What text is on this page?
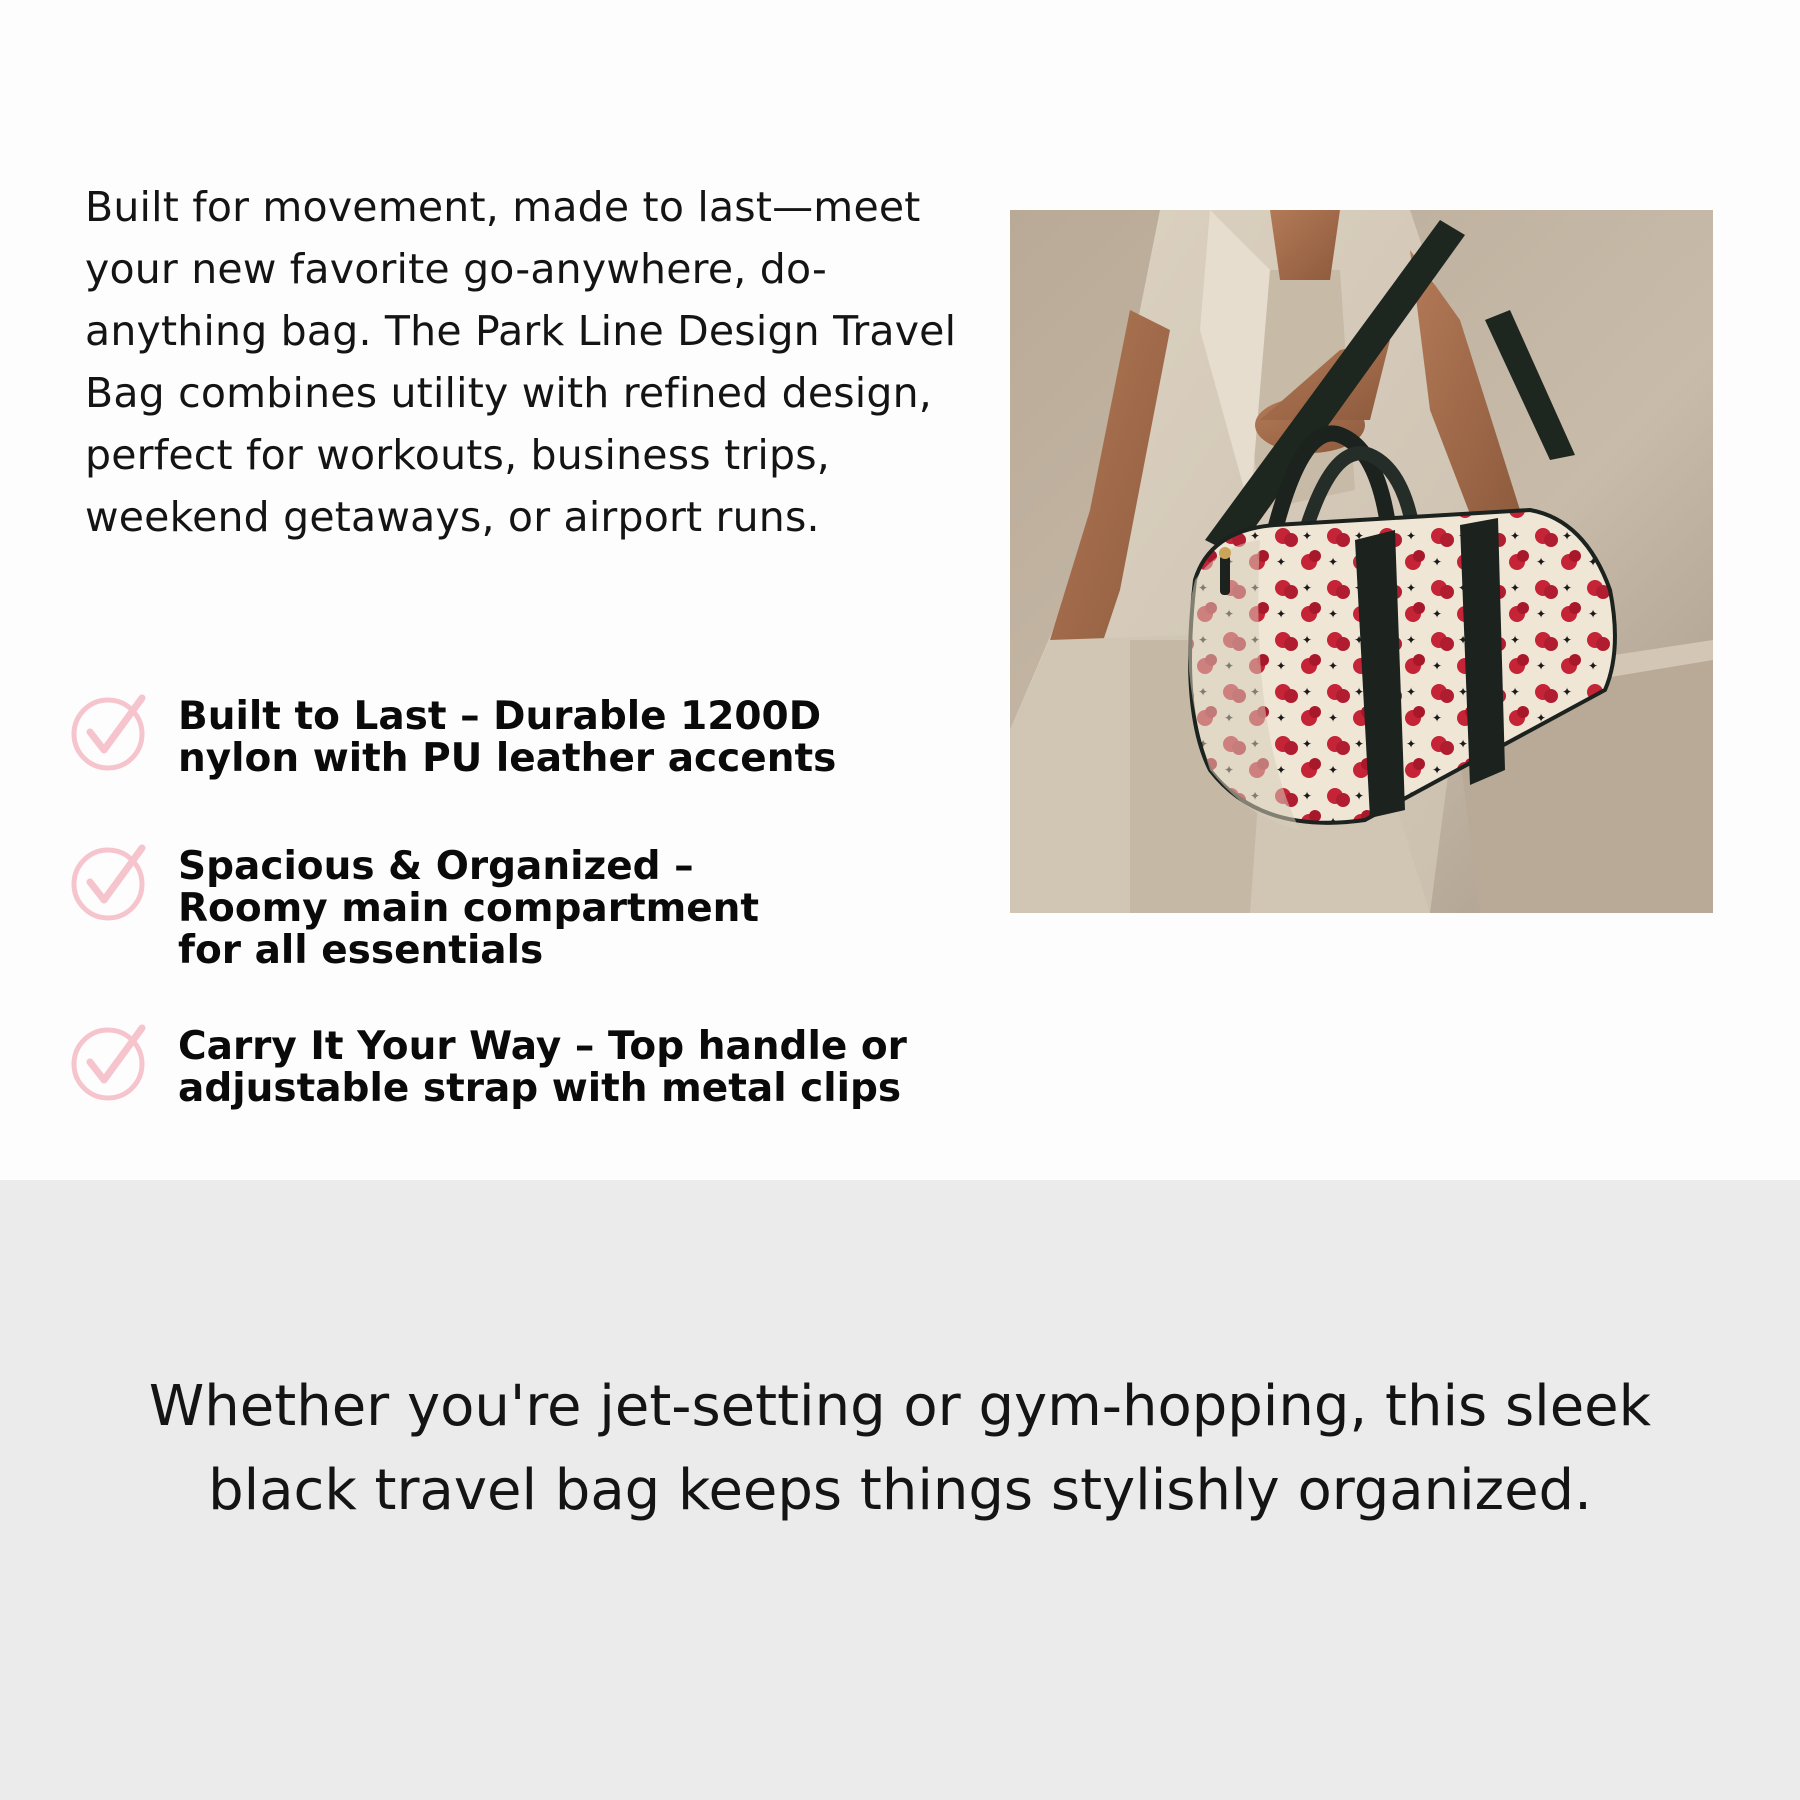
Built for movement, made to last—meet your new favorite go-anywhere, do-anything bag. The Park Line Design Travel Bag combines utility with refined design, perfect for workouts, business trips, weekend getaways, or airport runs.

Built to Last – Durable 1200D
nylon with PU leather accents
Spacious & Organized –
Roomy main compartment
for all essentials
Carry It Your Way – Top handle or
adjustable strap with metal clips

Whether you're jet-setting or gym-hopping, this sleek black travel bag keeps things stylishly organized.
